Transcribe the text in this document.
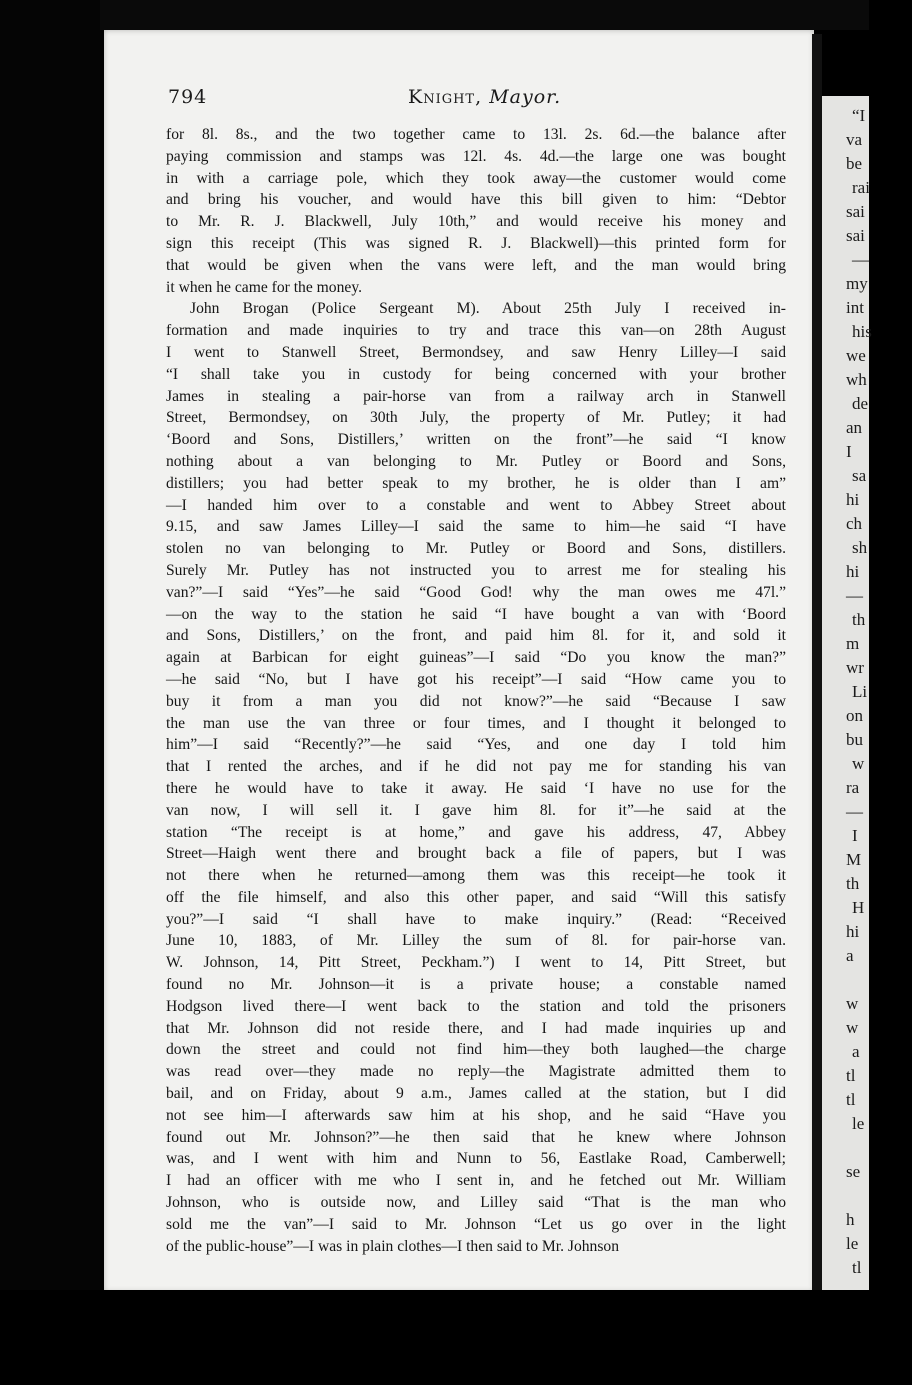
“I
va
be
rai
sai
sai
—
my
int
his
we
wh
de
an
I
sa
hi
ch
sh
hi
—
th
m
wr
Li
on
bu
w
ra
—
I
M
th
H
hi
a
w
w
a
tl
tl
le
se
h
le
tl
794	Knight, Mayor.
for 8l. 8s., and the two together came to 13l. 2s. 6d.—the balance after
paying commission and stamps was 12l. 4s. 4d.—the large one was bought
in with a carriage pole, which they took away—the customer would come
and bring his voucher, and would have this bill given to him: “Debtor
to Mr. R. J. Blackwell, July 10th,” and would receive his money and
sign this receipt (This was signed R. J. Blackwell)—this printed form for
that would be given when the vans were left, and the man would bring
it when he came for the money.
John Brogan (Police Sergeant M). About 25th July I received in-
formation and made inquiries to try and trace this van—on 28th August
I went to Stanwell Street, Bermondsey, and saw Henry Lilley—I said
“I shall take you in custody for being concerned with your brother
James in stealing a pair-horse van from a railway arch in Stanwell
Street, Bermondsey, on 30th July, the property of Mr. Putley; it had
‘Boord and Sons, Distillers,’ written on the front”—he said “I know
nothing about a van belonging to Mr. Putley or Boord and Sons,
distillers; you had better speak to my brother, he is older than I am”
—I handed him over to a constable and went to Abbey Street about
9.15, and saw James Lilley—I said the same to him—he said “I have
stolen no van belonging to Mr. Putley or Boord and Sons, distillers.
Surely Mr. Putley has not instructed you to arrest me for stealing his
van?”—I said “Yes”—he said “Good God! why the man owes me 47l.”
—on the way to the station he said “I have bought a van with ‘Boord
and Sons, Distillers,’ on the front, and paid him 8l. for it, and sold it
again at Barbican for eight guineas”—I said “Do you know the man?”
—he said “No, but I have got his receipt”—I said “How came you to
buy it from a man you did not know?”—he said “Because I saw
the man use the van three or four times, and I thought it belonged to
him”—I said “Recently?”—he said “Yes, and one day I told him
that I rented the arches, and if he did not pay me for standing his van
there he would have to take it away. He said ‘I have no use for the
van now, I will sell it. I gave him 8l. for it”—he said at the
station “The receipt is at home,” and gave his address, 47, Abbey
Street—Haigh went there and brought back a file of papers, but I was
not there when he returned—among them was this receipt—he took it
off the file himself, and also this other paper, and said “Will this satisfy
you?”—I said “I shall have to make inquiry.” (Read: “Received
June 10, 1883, of Mr. Lilley the sum of 8l. for pair-horse van.
W. Johnson, 14, Pitt Street, Peckham.”) I went to 14, Pitt Street, but
found no Mr. Johnson—it is a private house; a constable named
Hodgson lived there—I went back to the station and told the prisoners
that Mr. Johnson did not reside there, and I had made inquiries up and
down the street and could not find him—they both laughed—the charge
was read over—they made no reply—the Magistrate admitted them to
bail, and on Friday, about 9 a.m., James called at the station, but I did
not see him—I afterwards saw him at his shop, and he said “Have you
found out Mr. Johnson?”—he then said that he knew where Johnson
was, and I went with him and Nunn to 56, Eastlake Road, Camberwell;
I had an officer with me who I sent in, and he fetched out Mr. William
Johnson, who is outside now, and Lilley said “That is the man who
sold me the van”—I said to Mr. Johnson “Let us go over in the light
of the public-house”—I was in plain clothes—I then said to Mr. Johnson
